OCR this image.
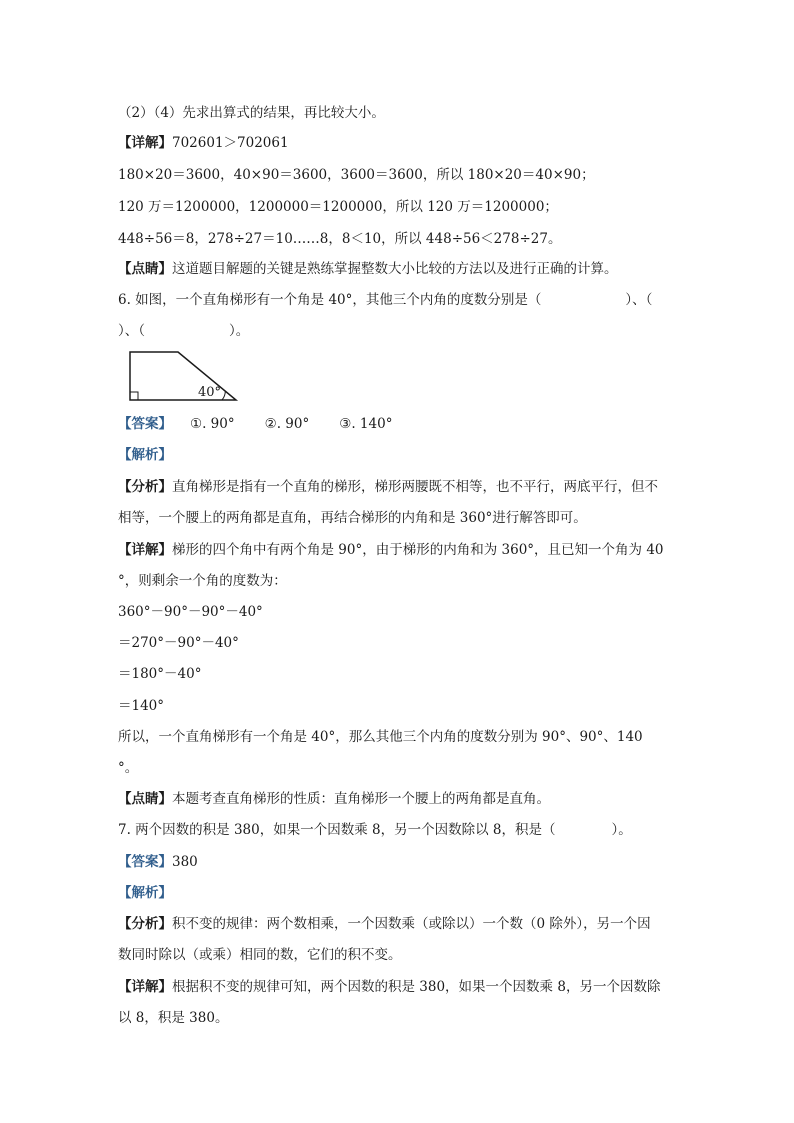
（2）（4）先求出算式的结果，再比较大小。
【详解】702601＞702061
180×20＝3600，40×90＝3600，3600＝3600，所以 180×20＝40×90；
120 万＝1200000，1200000＝1200000，所以 120 万＝1200000；
448÷56＝8，278÷27＝10……8，8＜10，所以 448÷56＜278÷27。
【点睛】这道题目解题的关键是熟练掌握整数大小比较的方法以及进行正确的计算。
6. 如图，一个直角梯形有一个角是 40°，其他三个内角的度数分别是（	）、（
）、（	）。
40°
【答案】 ①. 90° ②. 90° ③. 140°
【解析】
【分析】直角梯形是指有一个直角的梯形，梯形两腰既不相等，也不平行，两底平行，但不
相等，一个腰上的两角都是直角，再结合梯形的内角和是 360°进行解答即可。
【详解】梯形的四个角中有两个角是 90°，由于梯形的内角和为 360°，且已知一个角为 40
°，则剩余一个角的度数为：
360°－90°－90°－40°
＝270°－90°－40°
＝180°－40°
＝140°
所以，一个直角梯形有一个角是 40°，那么其他三个内角的度数分别为 90°、90°、140
°。
【点睛】本题考查直角梯形的性质：直角梯形一个腰上的两角都是直角。
7. 两个因数的积是 380，如果一个因数乘 8，另一个因数除以 8，积是（	）。
【答案】380
【解析】
【分析】积不变的规律：两个数相乘，一个因数乘（或除以）一个数（0 除外），另一个因
数同时除以（或乘）相同的数，它们的积不变。
【详解】根据积不变的规律可知，两个因数的积是 380，如果一个因数乘 8，另一个因数除
以 8，积是 380。
